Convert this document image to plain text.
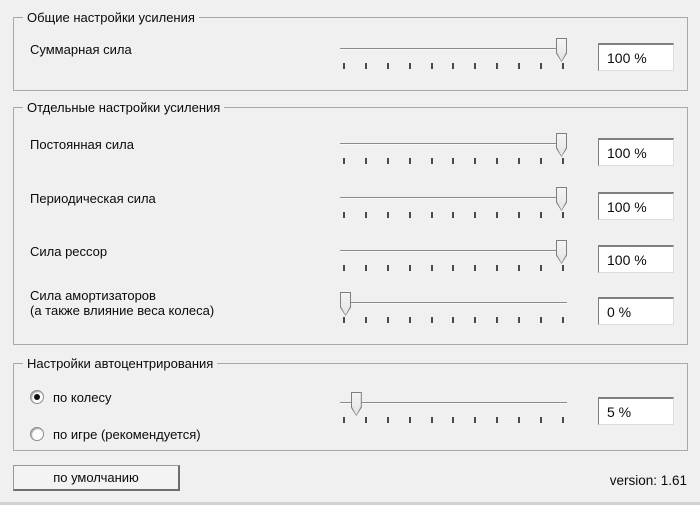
Общие настройки усиления
Отдельные настройки усиления
Настройки автоцентрирования
Суммарная сила
100 %
Постоянная сила
100 %
Периодическая сила
100 %
Сила рессор
100 %
Сила амортизаторов
(а также влияние веса колеса)
0 %
по колесу
по игре (рекомендуется)
5 %
по умолчанию	version: 1.61
